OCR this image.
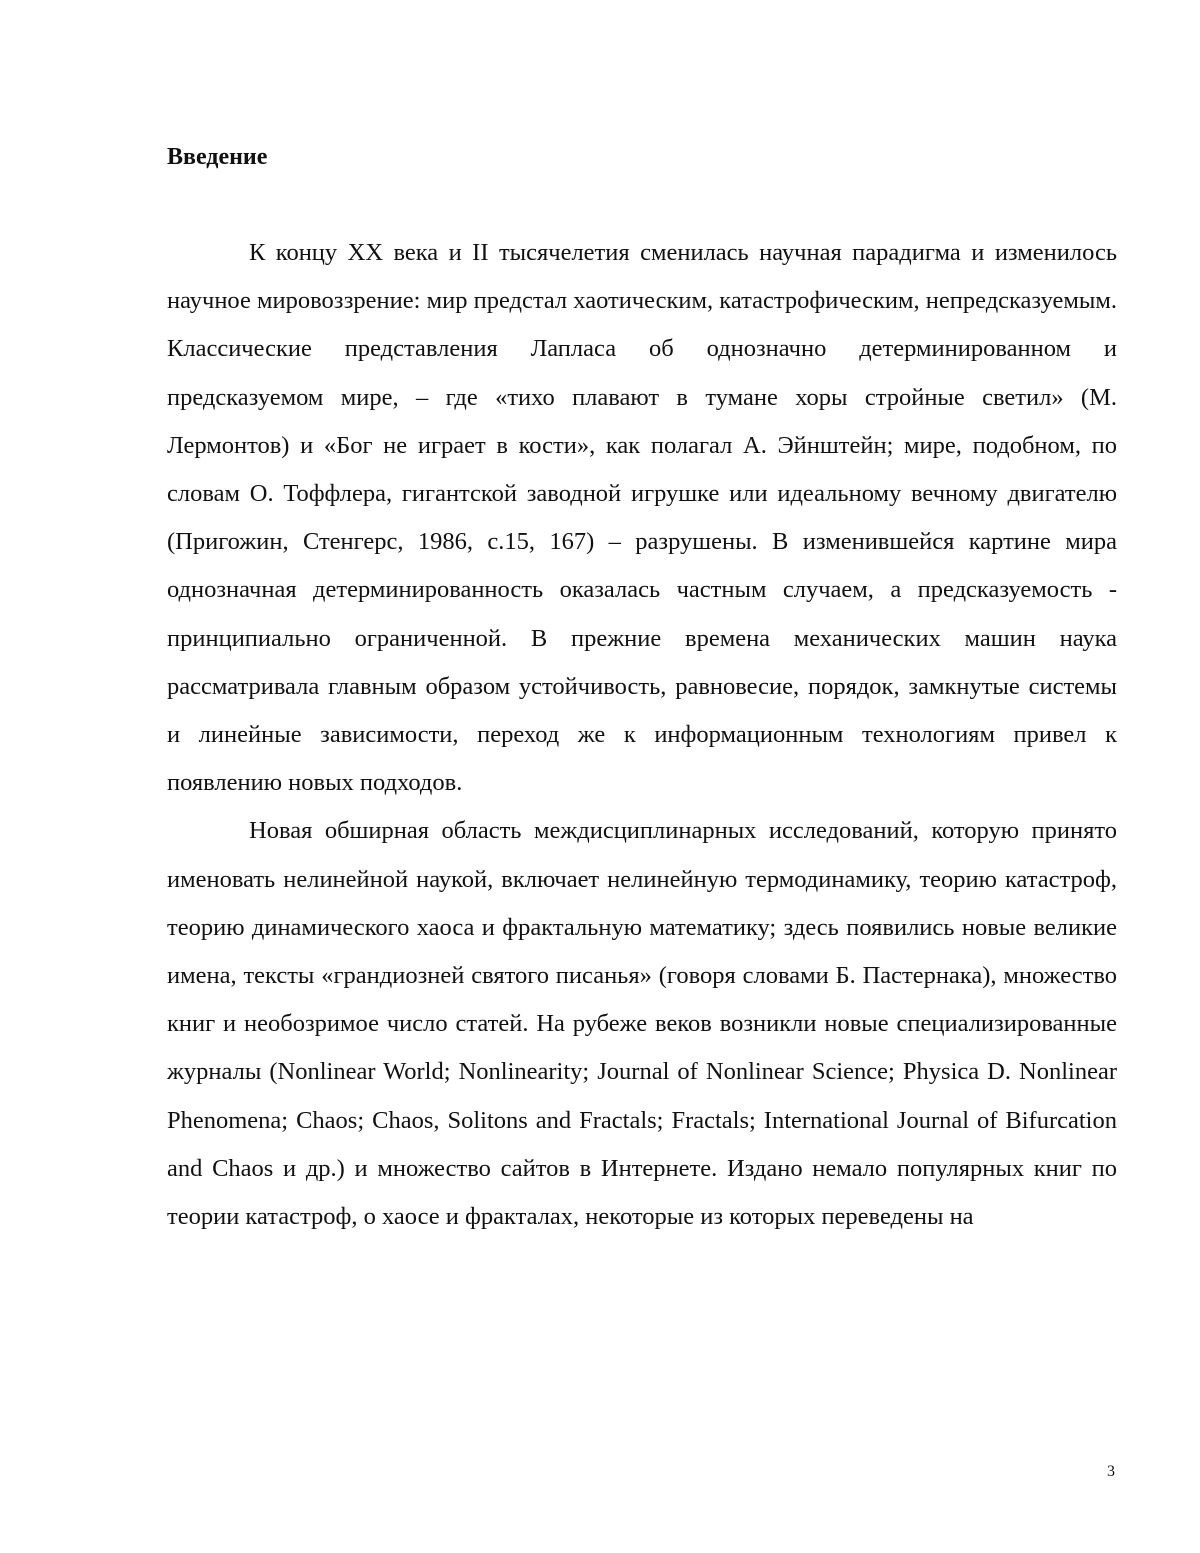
Введение

К концу XX века и II тысячелетия сменилась научная парадигма и изменилось научное мировоззрение: мир предстал хаотическим, катастрофическим, непредсказуемым. Классические представления Лапласа об однозначно детерминированном и предсказуемом мире, – где «тихо плавают в тумане хоры стройные светил» (М. Лермонтов) и «Бог не играет в кости», как полагал А. Эйнштейн; мире, подобном, по словам О. Тоффлера, гигантской заводной игрушке или идеальному вечному двигателю (Пригожин, Стенгерс, 1986, с.15, 167) – разрушены. В изменившейся картине мира однозначная детерминированность оказалась частным случаем, а предсказуемость - принципиально ограниченной. В прежние времена механических машин наука рассматривала главным образом устойчивость, равновесие, порядок, замкнутые системы и линейные зависимости, переход же к информационным технологиям привел к появлению новых подходов.

Новая обширная область междисциплинарных исследований, которую принято именовать нелинейной наукой, включает нелинейную термодинамику, теорию катастроф, теорию динамического хаоса и фрактальную математику; здесь появились новые великие имена, тексты «грандиозней святого писанья» (говоря словами Б. Пастернака), множество книг и необозримое число статей. На рубеже веков возникли новые специализированные журналы (Nonlinear World; Nonlinearity; Journal of Nonlinear Science; Physica D. Nonlinear Phenomena; Chaos; Chaos, Solitons and Fractals; Fractals; International Journal of Bifurcation and Chaos и др.) и множество сайтов в Интернете. Издано немало популярных книг по теории катастроф, о хаосе и фракталах, некоторые из которых переведены на

3
